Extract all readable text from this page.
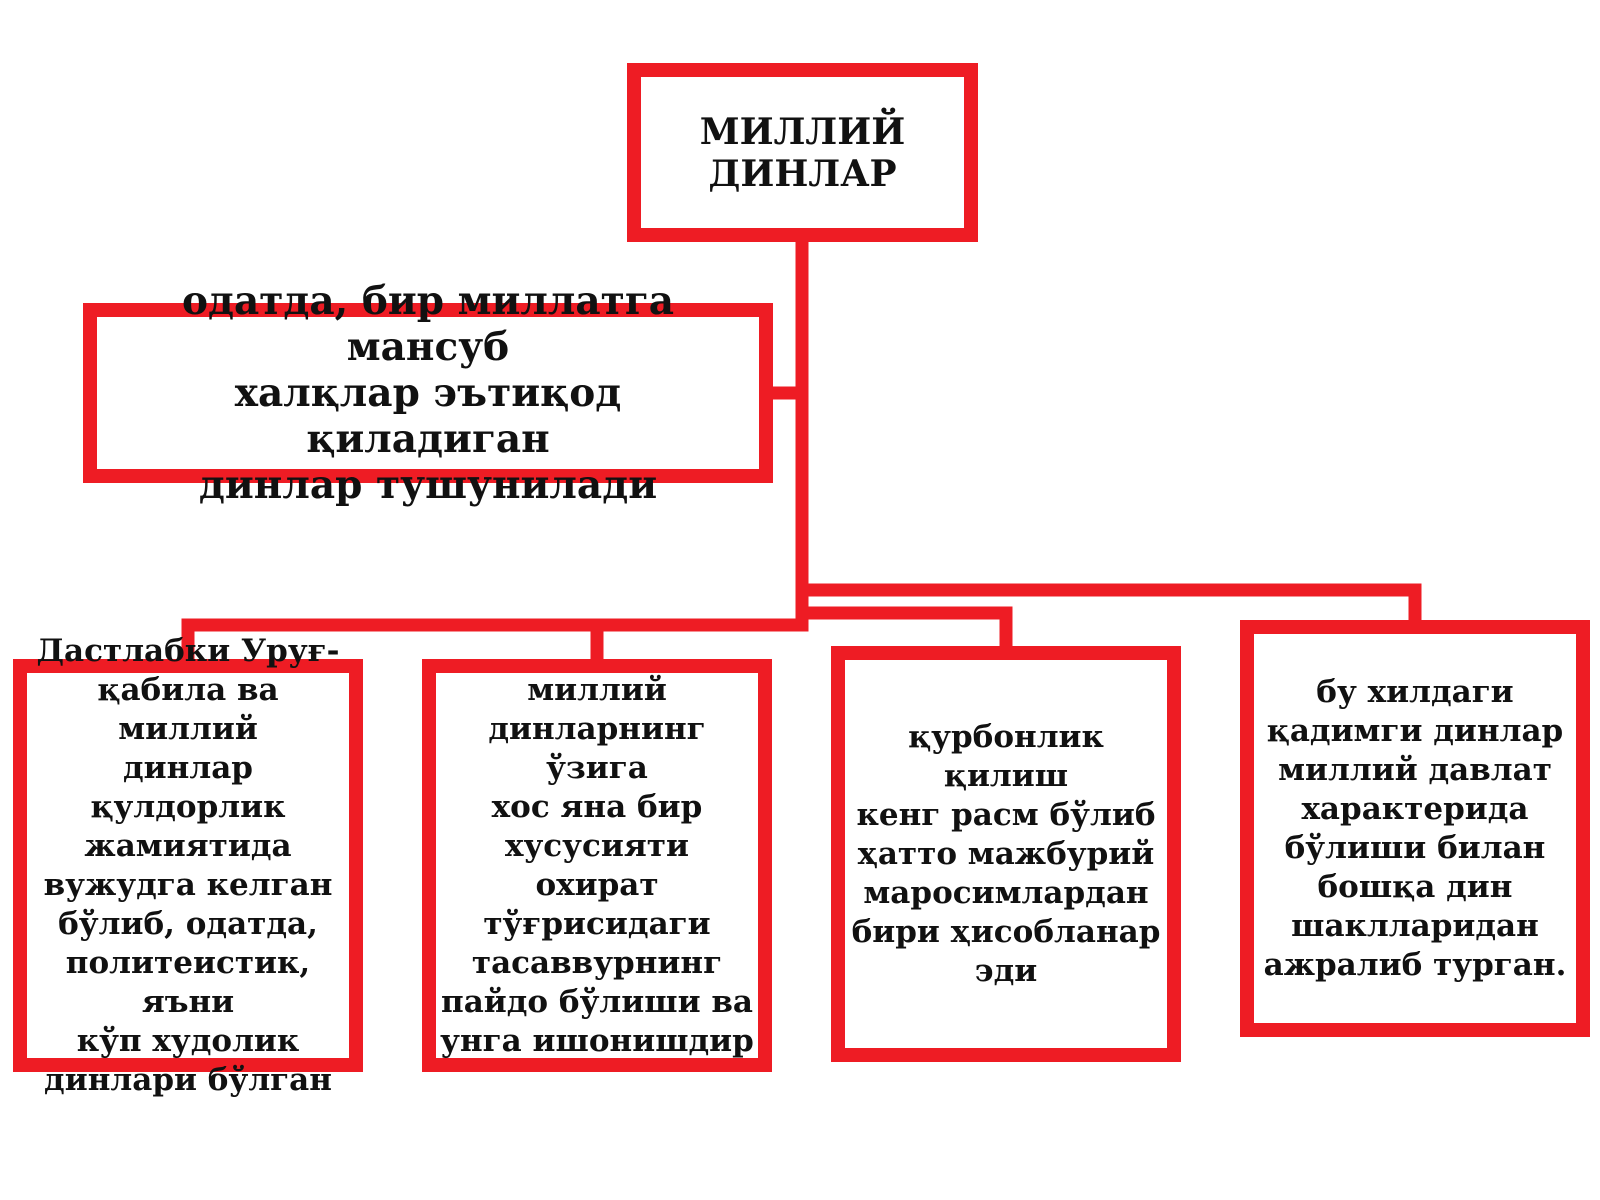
МИЛЛИЙ
ДИНЛАР
одатда, бир миллатга мансуб
халқлар эътиқод қиладиган
динлар тушунилади
Дастлабки Уруғ-
қабила ва миллий
динлар қулдорлик
жамиятида
вужудга келган
бўлиб, одатда,
политеистик, яъни
кўп худолик
динлари бўлган
миллий
динларнинг ўзига
хос яна бир
хусусияти охират
тўғрисидаги
тасаввурнинг
пайдо бўлиши ва
унга ишонишдир
қурбонлик қилиш
кенг расм бўлиб
ҳатто мажбурий
маросимлардан
бири ҳисобланар
эди
бу хилдаги
қадимги динлар
миллий давлат
характерида
бўлиши билан
бошқа дин
шаклларидан
ажралиб турган.
